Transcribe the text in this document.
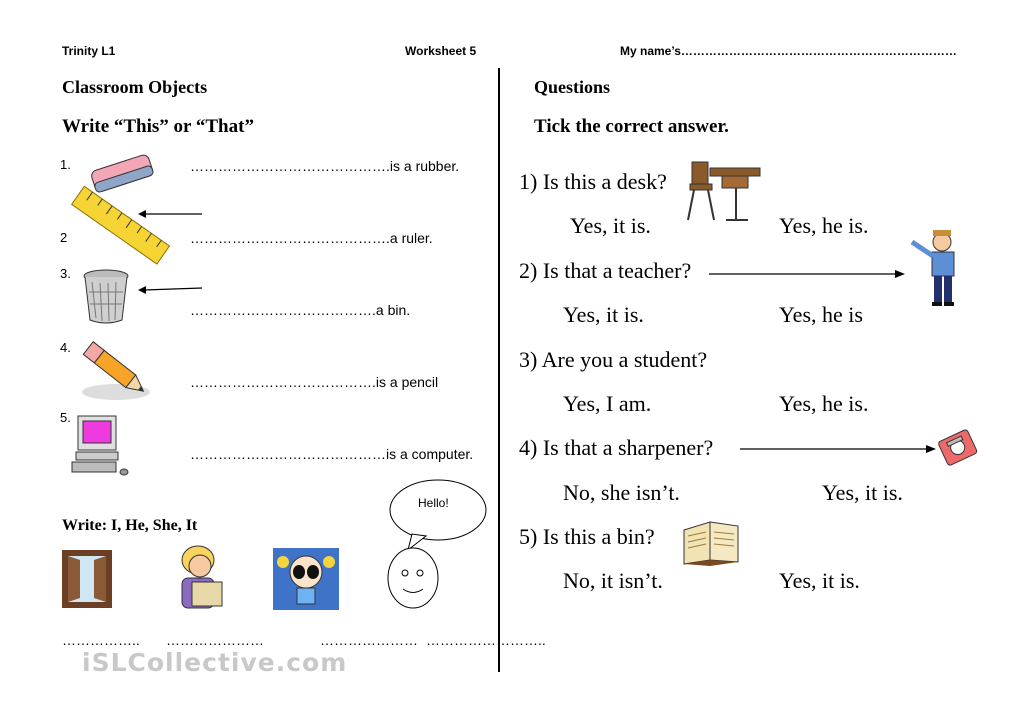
Trinity L1	Worksheet 5	My name’s……………………………………………………………
Classroom Objects
Write “This” or “That”
1.	…………………………………….is a rubber.
2	…………………………………….a ruler.
3.
………………………………….a bin.
4.
………………………………….is a pencil
5.
……………………………………is a computer.
Write: I, He, She, It
Hello!
…………….. …………………	………………… ……………………..
iSLCollective.com
Questions
Tick the correct answer.
1) Is this a desk?
Yes, it is.	Yes, he is.
2) Is that a teacher?
Yes, it is.	Yes, he is
3) Are you a student?
Yes, I am.	Yes, he is.
4) Is that a sharpener?
No, she isn’t.	Yes, it is.
5) Is this a bin?
No, it isn’t.	Yes, it is.
